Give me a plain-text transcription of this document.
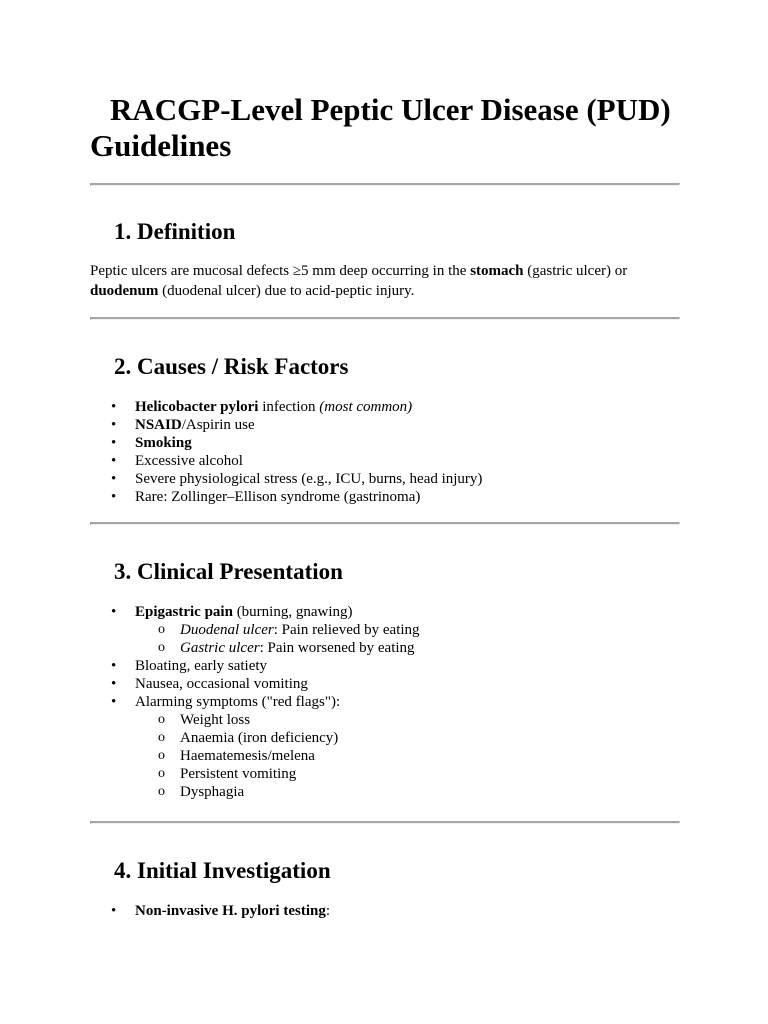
RACGP-Level Peptic Ulcer Disease (PUD) Guidelines
1. Definition

Peptic ulcers are mucosal defects ≥5 mm deep occurring in the stomach (gastric ulcer) or duodenum (duodenal ulcer) due to acid-peptic injury.

2. Causes / Risk Factors
• Helicobacter pylori infection (most common)
• NSAID/Aspirin use
• Smoking
• Excessive alcohol
• Severe physiological stress (e.g., ICU, burns, head injury)
• Rare: Zollinger–Ellison syndrome (gastrinoma)
3. Clinical Presentation
• Epigastric pain (burning, gnawing)
o Duodenal ulcer: Pain relieved by eating
o Gastric ulcer: Pain worsened by eating
• Bloating, early satiety
• Nausea, occasional vomiting
• Alarming symptoms ("red flags"):
o Weight loss
o Anaemia (iron deficiency)
o Haematemesis/melena
o Persistent vomiting
o Dysphagia
4. Initial Investigation
• Non-invasive H. pylori testing:
